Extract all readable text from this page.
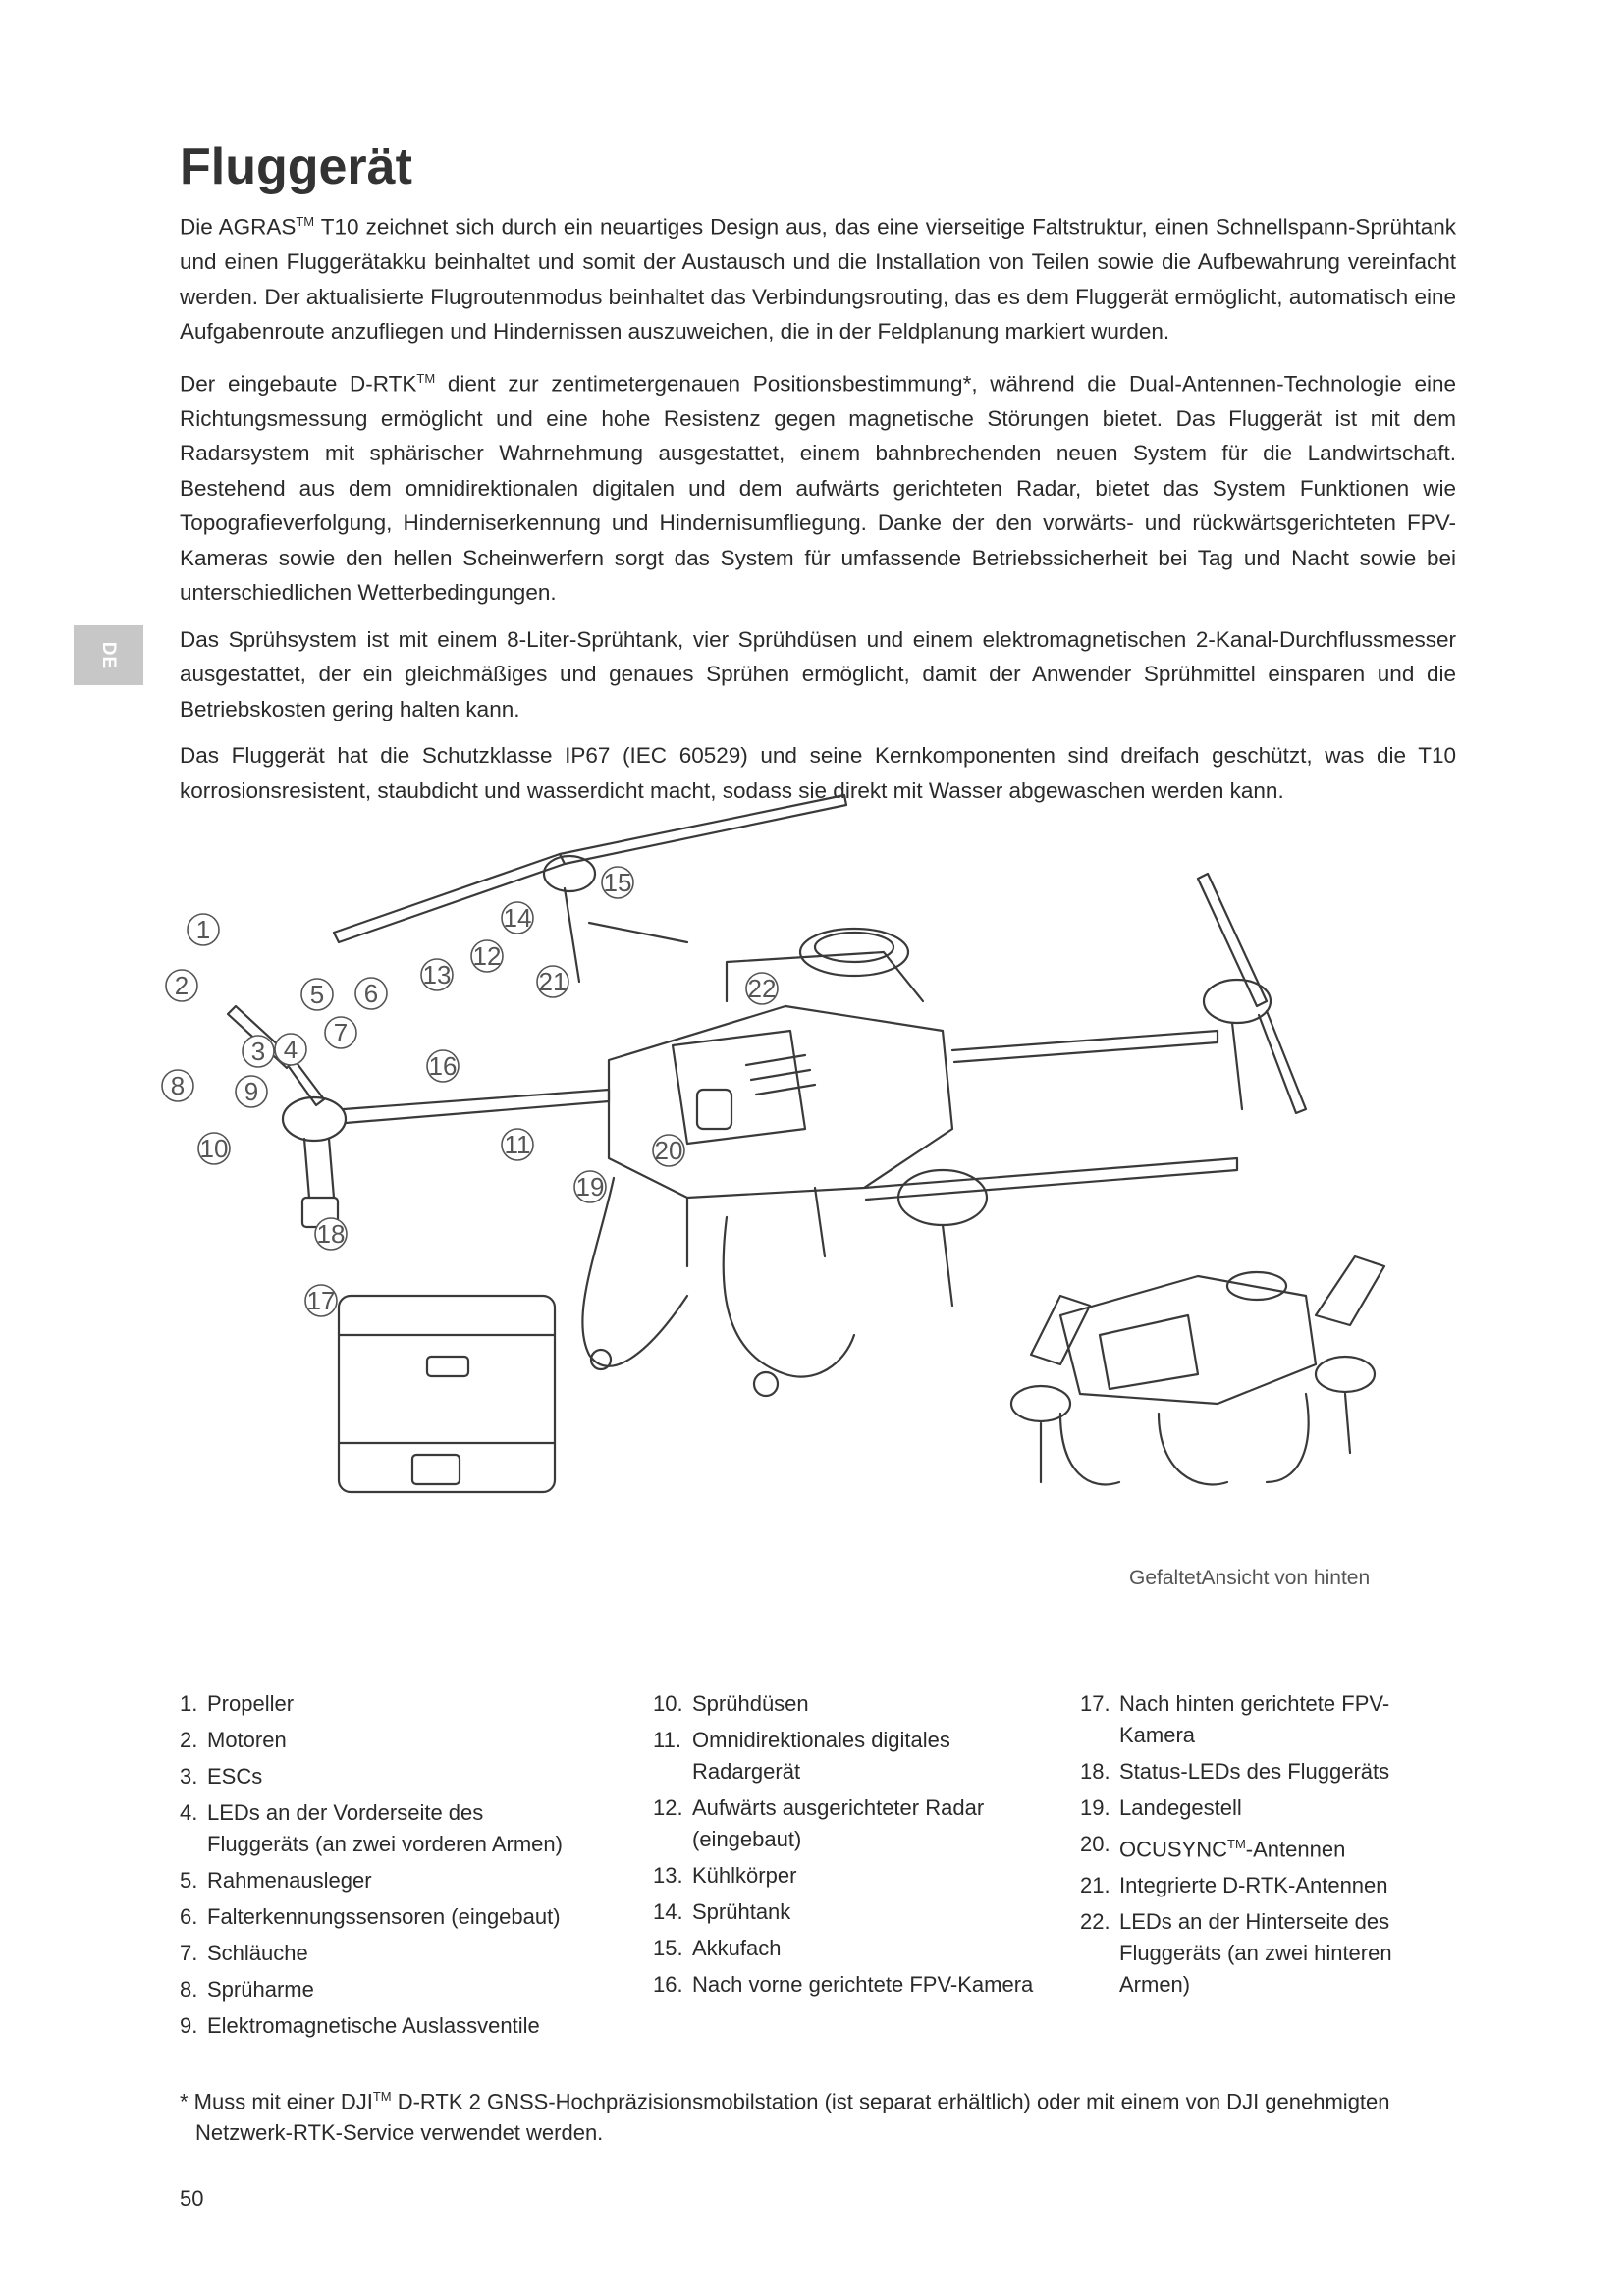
Fluggerät
DE

Die AGRAS™ T10 zeichnet sich durch ein neuartiges Design aus, das eine vierseitige Faltstruktur, einen Schnellspann-Sprühtank und einen Fluggerätakku beinhaltet und somit der Austausch und die Installation von Teilen sowie die Aufbewahrung vereinfacht werden. Der aktualisierte Flugroutenmodus beinhaltet das Verbindungsrouting, das es dem Fluggerät ermöglicht, automatisch eine Aufgabenroute anzufliegen und Hindernissen auszuweichen, die in der Feldplanung markiert wurden.

Der eingebaute D-RTK™ dient zur zentimetergenauen Positionsbestimmung*, während die Dual-Antennen-Technologie eine Richtungsmessung ermöglicht und eine hohe Resistenz gegen magnetische Störungen bietet. Das Fluggerät ist mit dem Radarsystem mit sphärischer Wahrnehmung ausgestattet, einem bahnbrechenden neuen System für die Landwirtschaft. Bestehend aus dem omnidirektionalen digitalen und dem aufwärts gerichteten Radar, bietet das System Funktionen wie Topografieverfolgung, Hinderniserkennung und Hindernisumfliegung. Danke der den vorwärts- und rückwärtsgerichteten FPV-Kameras sowie den hellen Scheinwerfern sorgt das System für umfassende Betriebssicherheit bei Tag und Nacht sowie bei unterschiedlichen Wetterbedingungen.

Das Sprühsystem ist mit einem 8-Liter-Sprühtank, vier Sprühdüsen und einem elektromagnetischen 2-Kanal-Durchflussmesser ausgestattet, der ein gleichmäßiges und genaues Sprühen ermöglicht, damit der Anwender Sprühmittel einsparen und die Betriebskosten gering halten kann.

Das Fluggerät hat die Schutzklasse IP67 (IEC 60529) und seine Kernkomponenten sind dreifach geschützt, was die T10 korrosionsresistent, staubdicht und wasserdicht macht, sodass sie direkt mit Wasser abgewaschen werden kann.

1
2
3 4
5 6
7
8 9
10	11
12
13
14
15
16
17
18
19
20
21	22
GefaltetAnsicht von hinten
1. Propeller
2. Motoren
3. ESCs
4. LEDs an der Vorderseite des Fluggeräts (an zwei vorderen Armen)
5. Rahmenausleger
6. Falterkennungssensoren (eingebaut)
7. Schläuche
8. Sprüharme
9. Elektromagnetische Auslassventile
10. Sprühdüsen
11. Omnidirektionales digitales Radargerät
12. Aufwärts ausgerichteter Radar (eingebaut)
13. Kühlkörper
14. Sprühtank
15. Akkufach
16. Nach vorne gerichtete FPV-Kamera
17. Nach hinten gerichtete FPV-Kamera
18. Status-LEDs des Fluggeräts
19. Landegestell
20. OCUSYNC™-Antennen
21. Integrierte D-RTK-Antennen
22. LEDs an der Hinterseite des Fluggeräts (an zwei hinteren Armen)
* Muss mit einer DJI™ D-RTK 2 GNSS-Hochpräzisionsmobilstation (ist separat erhältlich) oder mit einem von DJI genehmigten
Netzwerk-RTK-Service verwendet werden.
50
